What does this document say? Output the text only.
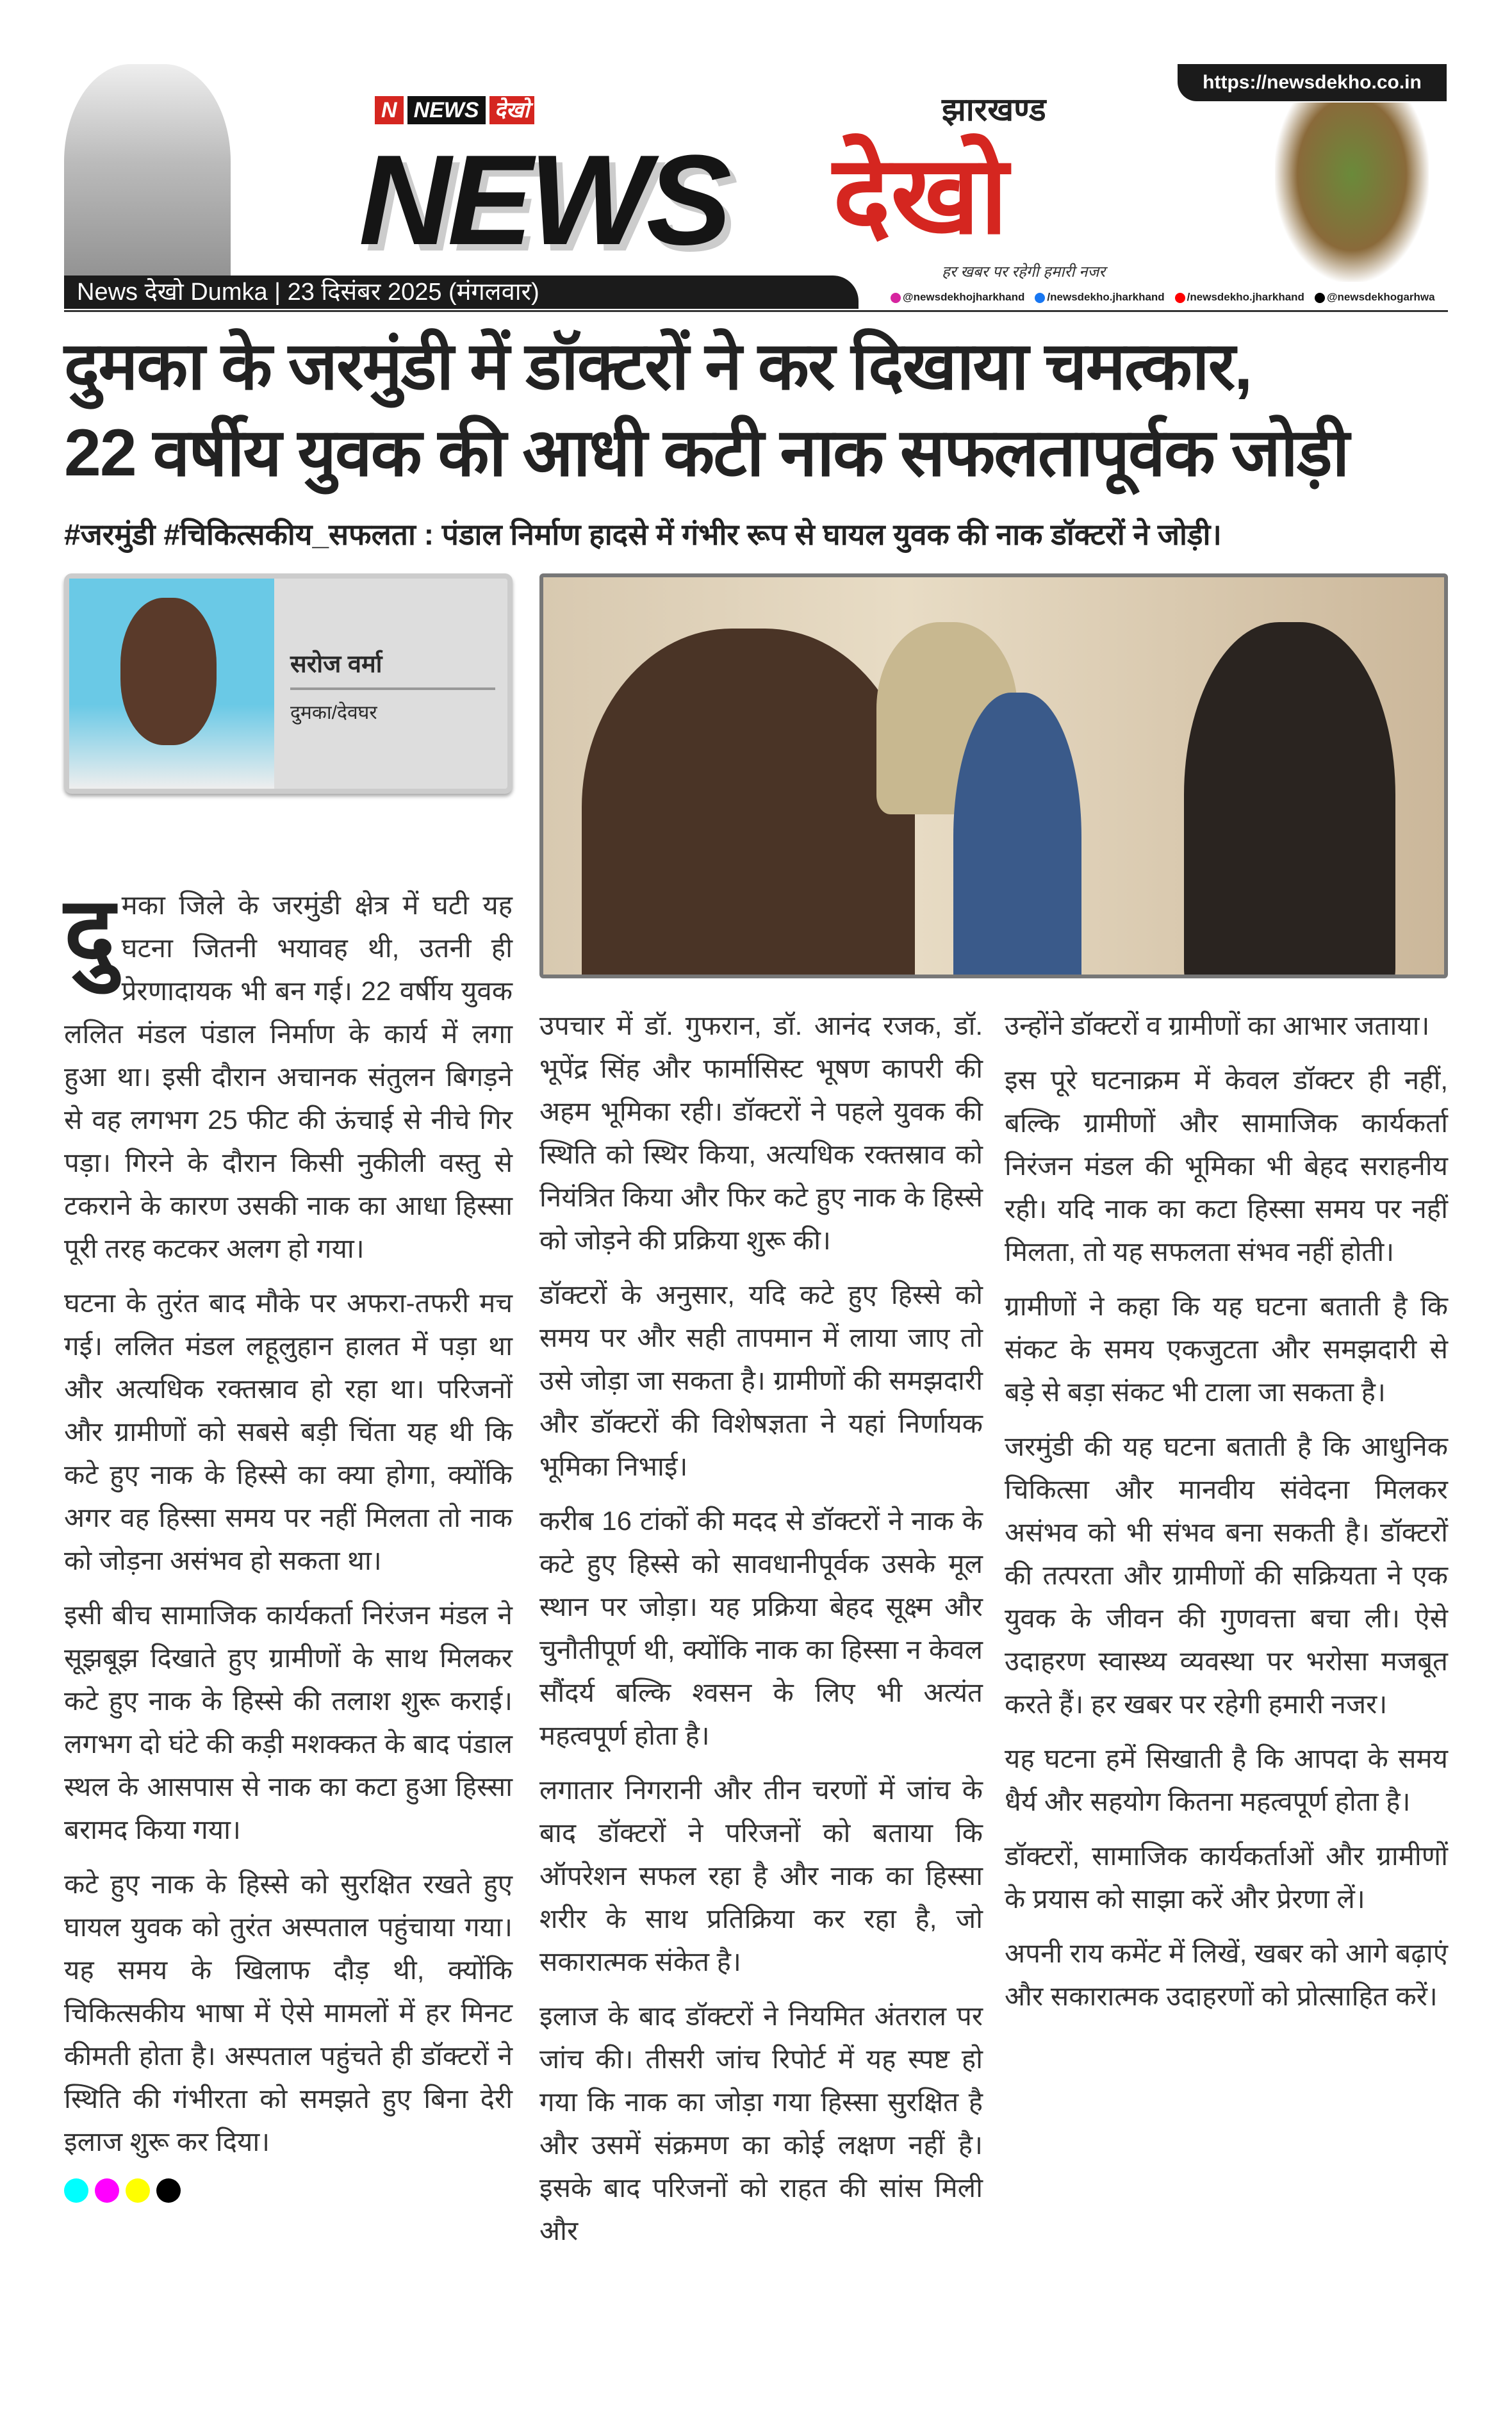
N NEWS देखो
NEWS
झारखण्ड
देखो
हर खबर पर रहेगी हमारी नजर
https://newsdekho.co.in
News देखो Dumka | 23 दिसंबर 2025 (मंगलवार)	@newsdekhojharkhand	/newsdekho.jharkhand	/newsdekho.jharkhand	@newsdekhogarhwa
दुमका के जरमुंडी में डॉक्टरों ने कर दिखाया चमत्कार,
22 वर्षीय युवक की आधी कटी नाक सफलतापूर्वक जोड़ी
#जरमुंडी #चिकित्सकीय_सफलता : पंडाल निर्माण हादसे में गंभीर रूप से घायल युवक की नाक डॉक्टरों ने जोड़ी।
सरोज वर्मा
दुमका/देवघर

दुमका जिले के जरमुंडी क्षेत्र में घटी यह घटना जितनी भयावह थी, उतनी ही प्रेरणादायक भी बन गई। 22 वर्षीय युवक ललित मंडल पंडाल निर्माण के कार्य में लगा हुआ था। इसी दौरान अचानक संतुलन बिगड़ने से वह लगभग 25 फीट की ऊंचाई से नीचे गिर पड़ा। गिरने के दौरान किसी नुकीली वस्तु से टकराने के कारण उसकी नाक का आधा हिस्सा पूरी तरह कटकर अलग हो गया।

घटना के तुरंत बाद मौके पर अफरा-तफरी मच गई। ललित मंडल लहूलुहान हालत में पड़ा था और अत्यधिक रक्तस्राव हो रहा था। परिजनों और ग्रामीणों को सबसे बड़ी चिंता यह थी कि कटे हुए नाक के हिस्से का क्या होगा, क्योंकि अगर वह हिस्सा समय पर नहीं मिलता तो नाक को जोड़ना असंभव हो सकता था।

इसी बीच सामाजिक कार्यकर्ता निरंजन मंडल ने सूझबूझ दिखाते हुए ग्रामीणों के साथ मिलकर कटे हुए नाक के हिस्से की तलाश शुरू कराई। लगभग दो घंटे की कड़ी मशक्कत के बाद पंडाल स्थल के आसपास से नाक का कटा हुआ हिस्सा बरामद किया गया।

कटे हुए नाक के हिस्से को सुरक्षित रखते हुए घायल युवक को तुरंत अस्पताल पहुंचाया गया। यह समय के खिलाफ दौड़ थी, क्योंकि चिकित्सकीय भाषा में ऐसे मामलों में हर मिनट कीमती होता है। अस्पताल पहुंचते ही डॉक्टरों ने स्थिति की गंभीरता को समझते हुए बिना देरी इलाज शुरू कर दिया।

उपचार में डॉ. गुफरान, डॉ. आनंद रजक, डॉ. भूपेंद्र सिंह और फार्मासिस्ट भूषण कापरी की अहम भूमिका रही। डॉक्टरों ने पहले युवक की स्थिति को स्थिर किया, अत्यधिक रक्तस्राव को नियंत्रित किया और फिर कटे हुए नाक के हिस्से को जोड़ने की प्रक्रिया शुरू की।

डॉक्टरों के अनुसार, यदि कटे हुए हिस्से को समय पर और सही तापमान में लाया जाए तो उसे जोड़ा जा सकता है। ग्रामीणों की समझदारी और डॉक्टरों की विशेषज्ञता ने यहां निर्णायक भूमिका निभाई।

करीब 16 टांकों की मदद से डॉक्टरों ने नाक के कटे हुए हिस्से को सावधानीपूर्वक उसके मूल स्थान पर जोड़ा। यह प्रक्रिया बेहद सूक्ष्म और चुनौतीपूर्ण थी, क्योंकि नाक का हिस्सा न केवल सौंदर्य बल्कि श्वसन के लिए भी अत्यंत महत्वपूर्ण होता है।

लगातार निगरानी और तीन चरणों में जांच के बाद डॉक्टरों ने परिजनों को बताया कि ऑपरेशन सफल रहा है और नाक का हिस्सा शरीर के साथ प्रतिक्रिया कर रहा है, जो सकारात्मक संकेत है।

इलाज के बाद डॉक्टरों ने नियमित अंतराल पर जांच की। तीसरी जांच रिपोर्ट में यह स्पष्ट हो गया कि नाक का जोड़ा गया हिस्सा सुरक्षित है और उसमें संक्रमण का कोई लक्षण नहीं है। इसके बाद परिजनों को राहत की सांस मिली और

उन्होंने डॉक्टरों व ग्रामीणों का आभार जताया।

इस पूरे घटनाक्रम में केवल डॉक्टर ही नहीं, बल्कि ग्रामीणों और सामाजिक कार्यकर्ता निरंजन मंडल की भूमिका भी बेहद सराहनीय रही। यदि नाक का कटा हिस्सा समय पर नहीं मिलता, तो यह सफलता संभव नहीं होती।

ग्रामीणों ने कहा कि यह घटना बताती है कि संकट के समय एकजुटता और समझदारी से बड़े से बड़ा संकट भी टाला जा सकता है।

जरमुंडी की यह घटना बताती है कि आधुनिक चिकित्सा और मानवीय संवेदना मिलकर असंभव को भी संभव बना सकती है। डॉक्टरों की तत्परता और ग्रामीणों की सक्रियता ने एक युवक के जीवन की गुणवत्ता बचा ली। ऐसे उदाहरण स्वास्थ्य व्यवस्था पर भरोसा मजबूत करते हैं। हर खबर पर रहेगी हमारी नजर।

यह घटना हमें सिखाती है कि आपदा के समय धैर्य और सहयोग कितना महत्वपूर्ण होता है।

डॉक्टरों, सामाजिक कार्यकर्ताओं और ग्रामीणों के प्रयास को साझा करें और प्रेरणा लें।

अपनी राय कमेंट में लिखें, खबर को आगे बढ़ाएं और सकारात्मक उदाहरणों को प्रोत्साहित करें।
